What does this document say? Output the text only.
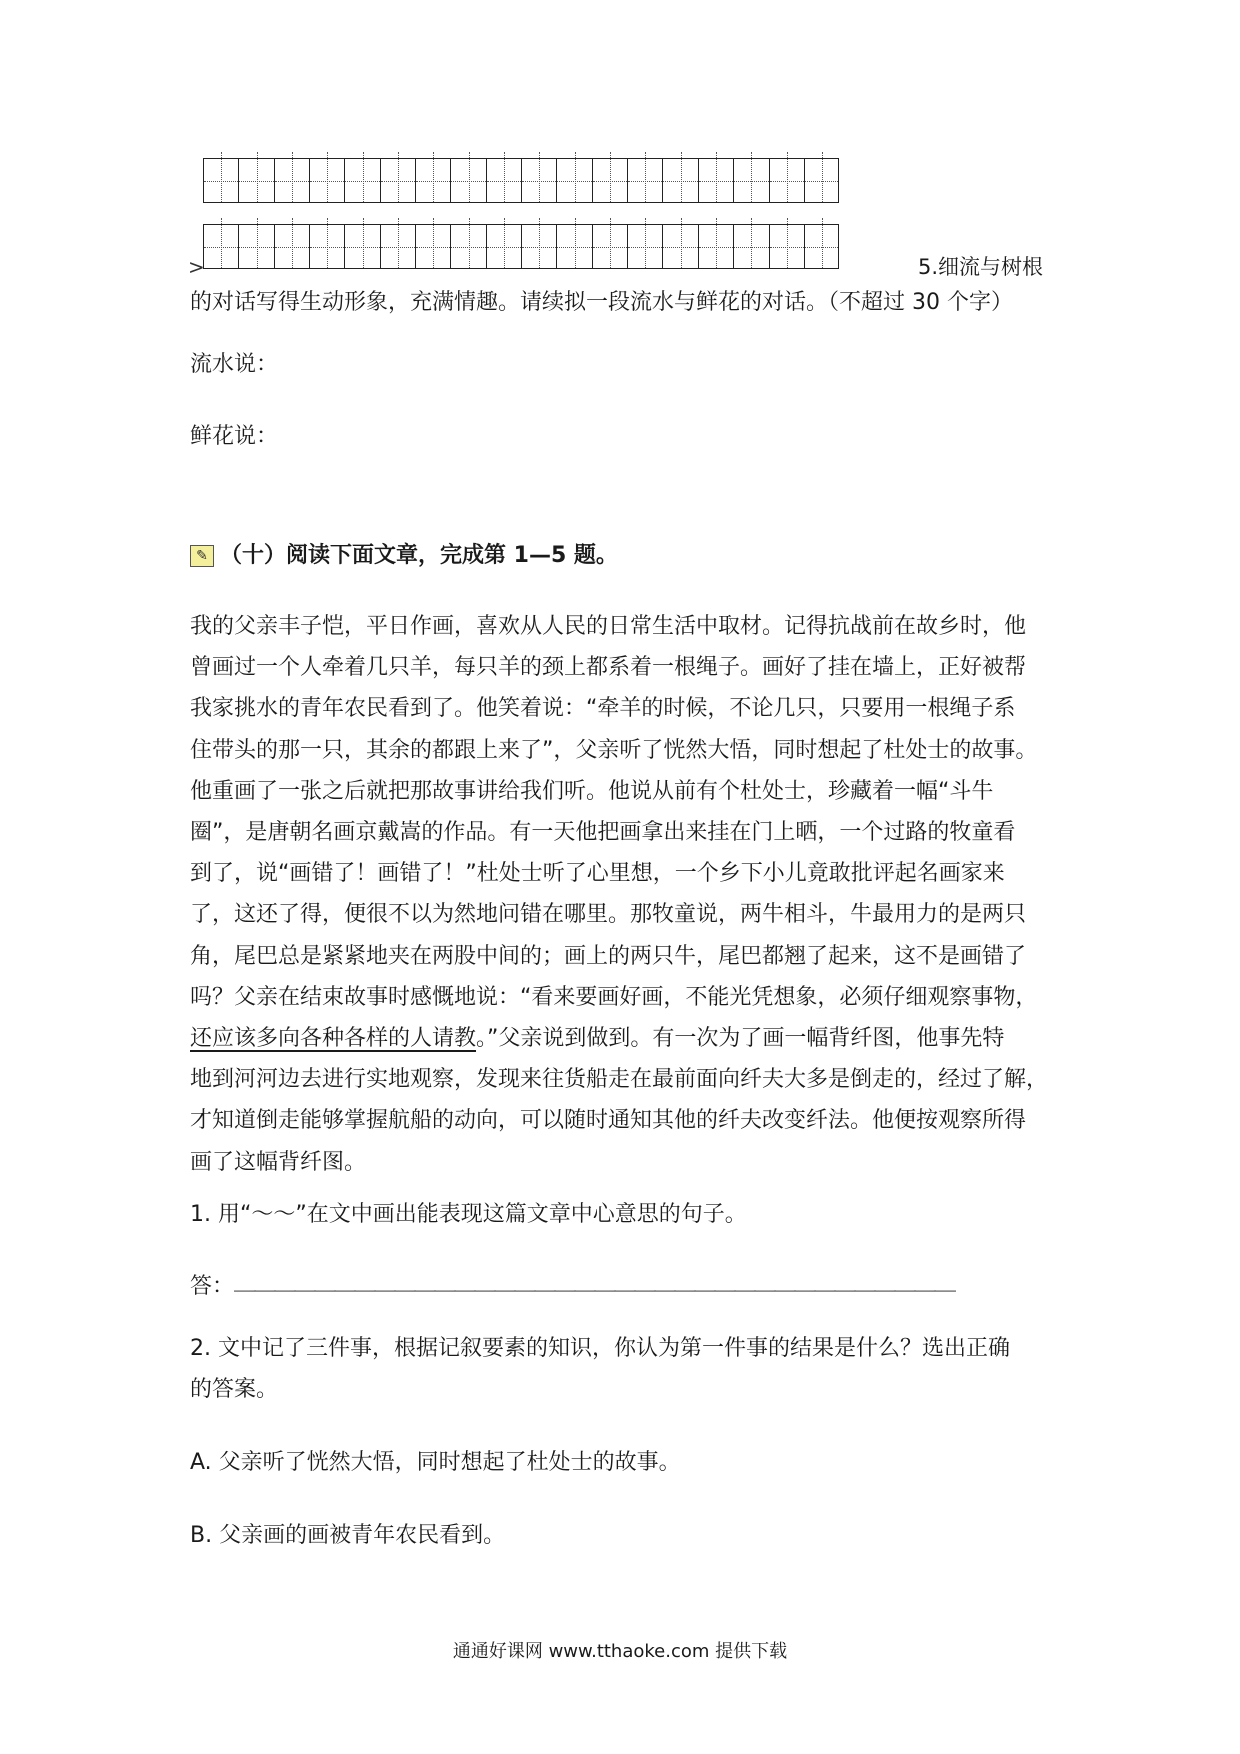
>	5.细流与树根
的对话写得生动形象，充满情趣。请续拟一段流水与鲜花的对话。（不超过 30 个字）
流水说：
鲜花说：
✎ （十）阅读下面文章，完成第 1—5 题。
我的父亲丰子恺，平日作画，喜欢从人民的日常生活中取材。记得抗战前在故乡时，他
曾画过一个人牵着几只羊，每只羊的颈上都系着一根绳子。画好了挂在墙上，正好被帮
我家挑水的青年农民看到了。他笑着说：“牵羊的时候，不论几只，只要用一根绳子系
住带头的那一只，其余的都跟上来了”，父亲听了恍然大悟，同时想起了杜处士的故事。
他重画了一张之后就把那故事讲给我们听。他说从前有个杜处士，珍藏着一幅“斗牛
圈”，是唐朝名画京戴嵩的作品。有一天他把画拿出来挂在门上晒，一个过路的牧童看
到了，说“画错了！画错了！”杜处士听了心里想，一个乡下小儿竟敢批评起名画家来
了，这还了得，便很不以为然地问错在哪里。那牧童说，两牛相斗，牛最用力的是两只
角，尾巴总是紧紧地夹在两股中间的；画上的两只牛，尾巴都翘了起来，这不是画错了
吗？父亲在结束故事时感慨地说：“看来要画好画，不能光凭想象，必须仔细观察事物，
还应该多向各种各样的人请教。”父亲说到做到。有一次为了画一幅背纤图，他事先特
地到河河边去进行实地观察，发现来往货船走在最前面向纤夫大多是倒走的，经过了解，
才知道倒走能够掌握航船的动向，可以随时通知其他的纤夫改变纤法。他便按观察所得
画了这幅背纤图。
1. 用“～～”在文中画出能表现这篇文章中心意思的句子。
答： ＿＿＿＿＿＿＿＿＿＿＿＿＿＿＿＿＿＿＿＿＿＿＿＿＿＿＿＿＿＿＿＿＿＿＿＿
2. 文中记了三件事，根据记叙要素的知识，你认为第一件事的结果是什么？选出正确
的答案。
A. 父亲听了恍然大悟，同时想起了杜处士的故事。
B. 父亲画的画被青年农民看到。
通通好课网 www.tthaoke.com 提供下载
